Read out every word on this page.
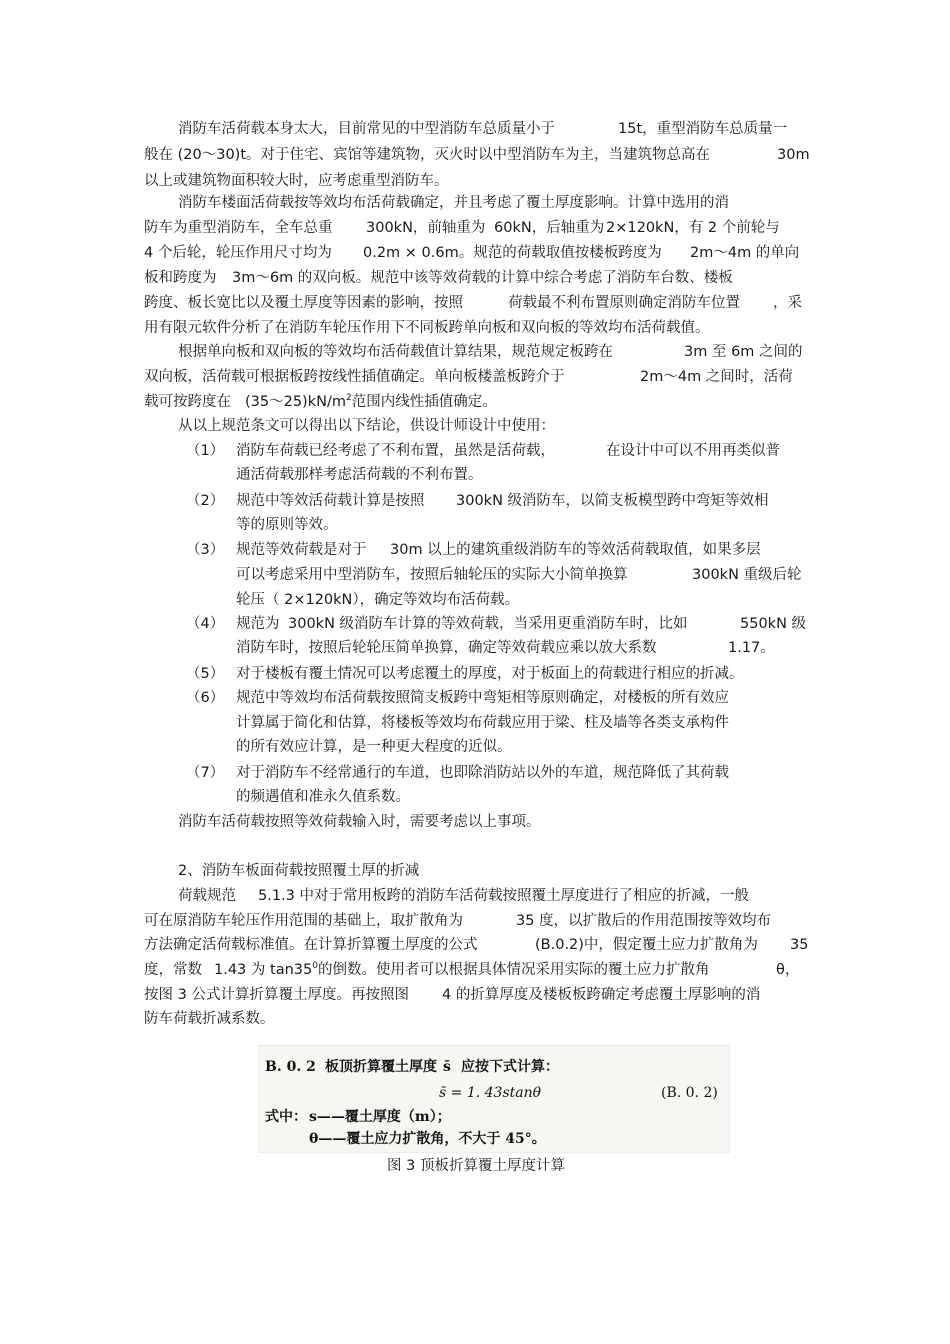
消防车活荷载本身太大，目前常见的中型消防车总质量小于	15t，重型消防车总质量一
般在 (20～30)t。对于住宅、宾馆等建筑物，灭火时以中型消防车为主，当建筑物总高在	30m
以上或建筑物面积较大时，应考虑重型消防车。
消防车楼面活荷载按等效均布活荷载确定，并且考虑了覆土厚度影响。计算中选用的消
防车为重型消防车，全车总重 300kN，前轴重为 60kN，后轴重为 2×120kN，有 2 个前轮与
4 个后轮，轮压作用尺寸均为 0.2m × 0.6m。规范的荷载取值按楼板跨度为 2m～4m 的单向
板和跨度为 3m～6m 的双向板。规范中该等效荷载的计算中综合考虑了消防车台数、楼板
跨度、板长宽比以及覆土厚度等因素的影响，按照	荷载最不利布置原则确定消防车位置 ，采
用有限元软件分析了在消防车轮压作用下不同板跨单向板和双向板的等效均布活荷载值。
根据单向板和双向板的等效均布活荷载值计算结果，规范规定板跨在	3m 至 6m 之间的
双向板，活荷载可根据板跨按线性插值确定。单向板楼盖板跨介于	2m～4m 之间时，活荷
载可按跨度在 $(35\sim 25)kN/m^2$范围内线性插值确定。
从以上规范条文可以得出以下结论，供设计师设计中使用：
（1） 消防车荷载已经考虑了不利布置，虽然是活荷载，	在设计中可以不用再类似普
通活荷载那样考虑活荷载的不利布置。
（2） 规范中等效活荷载计算是按照 300kN 级消防车，以简支板模型跨中弯矩等效相
等的原则等效。
（3） 规范等效荷载是对于 30m 以上的建筑重级消防车的等效活荷载取值，如果多层
可以考虑采用中型消防车，按照后轴轮压的实际大小简单换算	300kN 重级后轮
轮压（ 2×120kN），确定等效均布活荷载。
（4） 规范为 300kN 级消防车计算的等效荷载，当采用更重消防车时，比如	550kN 级
消防车时，按照后轮轮压简单换算，确定等效荷载应乘以放大系数	1.17。
（5） 对于楼板有覆土情况可以考虑覆土的厚度，对于板面上的荷载进行相应的折减。
（6） 规范中等效均布活荷载按照简支板跨中弯矩相等原则确定，对楼板的所有效应
计算属于简化和估算，将楼板等效均布荷载应用于梁、柱及墙等各类支承构件
的所有效应计算，是一种更大程度的近似。
（7） 对于消防车不经常通行的车道，也即除消防站以外的车道，规范降低了其荷载
的频遇值和准永久值系数。
消防车活荷载按照等效荷载输入时，需要考虑以上事项。
2、消防车板面荷载按照覆土厚的折减
荷载规范 5.1.3 中对于常用板跨的消防车活荷载按照覆土厚度进行了相应的折减，一般
可在原消防车轮压作用范围的基础上，取扩散角为	35 度，以扩散后的作用范围按等效均布
方法确定活荷载标准值。在计算折算覆土厚度的公式	(B.0.2)中，假定覆土应力扩散角为 35
度，常数 1.43 为 $\tan 35^0$的倒数。使用者可以根据具体情况采用实际的覆土应力扩散角	θ，
按图 3 公式计算折算覆土厚度。再按照图 4 的折算厚度及楼板板跨确定考虑覆土厚影响的消
防车荷载折减系数。
B. 0. 2 板顶折算覆土厚度 s̄ 应按下式计算：
s̄ = 1. 43stanθ	(B. 0. 2)
式中： s——覆土厚度（m）；
θ——覆土应力扩散角，不大于 45°。
图 3 顶板折算覆土厚度计算
